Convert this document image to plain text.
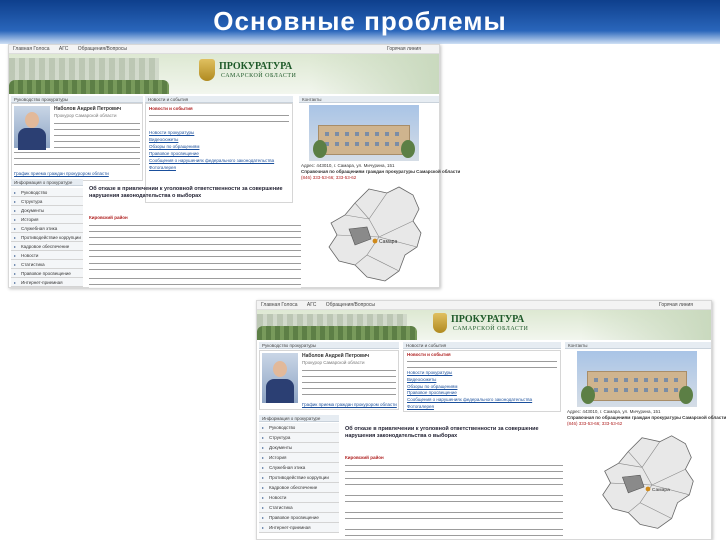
Основные проблемы
Главная Голоса АГС Обращения/Вопросы	Горячая линия
ПРОКУРАТУРА
САМАРСКОЙ ОБЛАСТИ
Руководство прокуратуры	Новости и события	Контакты
Наболов Андрей Петрович
Прокурор Самарской области
График приема граждан прокурором области
Новости и события
Новости прокуратуры
Видеосюжеты
Обзоры по обращениям
Правовое просвещение
Сообщения о нарушениях федерального законодательства
Фотогалерея	Адрес: 443010, г. Самара, ул. Мичурина, 151
Справочная по обращениям граждан прокуратуры Самарской области
(846) 333-53-66; 333-53-62
Информация о прокуратуре
▸ Руководство
▸ Структура
▸ Документы
▸ История
▸ Служебная этика
▸ Противодействие коррупции
▸ Кадровое обеспечение
▸ Новости
▸ Статистика
▸ Правовое просвещение
▸ Интернет-приемная
Об отказе в привлечении к уголовной ответственности за совершение нарушения законодательства о выборах
Кировский район
Самара
Главная Голоса АГС Обращения/Вопросы	Горячая линия
ПРОКУРАТУРА
САМАРСКОЙ ОБЛАСТИ
Руководство прокуратуры	Новости и события	Контакты
Наболов Андрей Петрович
Прокурор Самарской области
График приема граждан прокурором области
Новости и события
Новости прокуратуры
Видеосюжеты
Обзоры по обращениям
Правовое просвещение
Сообщения о нарушениях федерального законодательства
Фотогалерея
Адрес: 443010, г. Самара, ул. Мичурина, 151
Справочная по обращениям граждан прокуратуры Самарской области
(846) 333-53-66; 333-53-62
Информация о прокуратуре
▸ Руководство
▸ Структура
▸ Документы
▸ История
▸ Служебная этика
▸ Противодействие коррупции
▸ Кадровое обеспечение
▸ Новости
▸ Статистика
▸ Правовое просвещение
▸ Интернет-приемная
Об отказе в привлечении к уголовной ответственности за совершение нарушения законодательства о выборах
Кировский район
Самара
